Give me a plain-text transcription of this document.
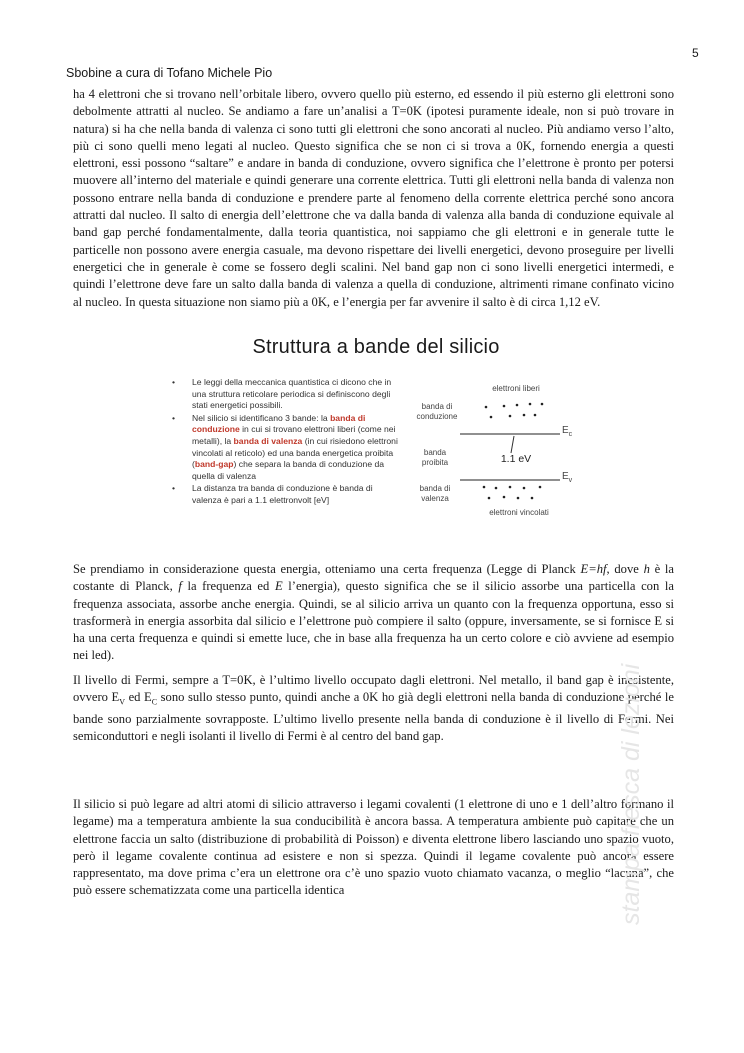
5
Sbobine a cura di Tofano Michele Pio

ha 4 elettroni che si trovano nell’orbitale libero, ovvero quello più esterno, ed essendo il più esterno gli elettroni sono debolmente attratti al nucleo. Se andiamo a fare un’analisi a T=0K (ipotesi puramente ideale, non si può trovare in natura) si ha che nella banda di valenza ci sono tutti gli elettroni che sono ancorati al nucleo. Più andiamo verso l’alto, più ci sono quelli meno legati al nucleo. Questo significa che se non ci si trova a 0K, fornendo energia a questi elettroni, essi possono “saltare” e andare in banda di conduzione, ovvero significa che l’elettrone è pronto per potersi muovere all’interno del materiale e quindi generare una corrente elettrica. Tutti gli elettroni nella banda di valenza non possono entrare nella banda di conduzione e prendere parte al fenomeno della corrente elettrica perché sono ancora attratti dal nucleo. Il salto di energia dell’elettrone che va dalla banda di valenza alla banda di conduzione equivale al band gap perché fondamentalmente, dalla teoria quantistica, noi sappiamo che gli elettroni e in generale tutte le particelle non possono avere energia casuale, ma devono rispettare dei livelli energetici, devono proseguire per livelli energetici che in generale è come se fossero degli scalini. Nel band gap non ci sono livelli energetici intermedi, e quindi l’elettrone deve fare un salto dalla banda di valenza a quella di conduzione, altrimenti rimane confinato vicino al nucleo. In questa situazione non siamo più a 0K, e l’energia per far avvenire il salto è di circa 1,12 eV.

Struttura a bande del silicio
• Le leggi della meccanica quantistica ci dicono che in una struttura reticolare periodica si definiscono degli stati energetici possibili.
• Nel silicio si identificano 3 bande: la banda di conduzione in cui si trovano elettroni liberi (come nei metalli), la banda di valenza (in cui risiedono elettroni vincolati al reticolo) ed una banda energetica proibita (band-gap) che separa la banda di conduzione da quella di valenza
• La distanza tra banda di conduzione è banda di valenza è pari a 1.1 elettronvolt [eV]
elettroni liberi
banda di conduzione
banda proibita
banda di valenza
elettroni vincolati
1.1 eV
$E_c$
$E_v$

Se prendiamo in considerazione questa energia, otteniamo una certa frequenza (Legge di Planck E=hf, dove h è la costante di Planck, f la frequenza ed E l’energia), questo significa che se il silicio assorbe una particella con la frequenza associata, assorbe anche energia. Quindi, se al silicio arriva un quanto con la frequenza opportuna, esso si trasformerà in energia assorbita dal silicio e l’elettrone può compiere il salto (oppure, inversamente, se si fornisce E si ha una certa frequenza e quindi si emette luce, che in base alla frequenza ha un certo colore e ciò avviene ad esempio nei led).

Il livello di Fermi, sempre a T=0K, è l’ultimo livello occupato dagli elettroni. Nel metallo, il band gap è inesistente, ovvero $E_V$ ed $E_C$ sono sullo stesso punto, quindi anche a 0K ho già degli elettroni nella banda di conduzione perché le bande sono parzialmente sovrapposte. L’ultimo livello presente nella banda di conduzione è il livello di Fermi. Nei semiconduttori e negli isolanti il livello di Fermi è al centro del band gap.

Il silicio si può legare ad altri atomi di silicio attraverso i legami covalenti (1 elettrone di uno e 1 dell’altro formano il legame) ma a temperatura ambiente la sua conducibilità è ancora bassa. A temperatura ambiente può capitare che un elettrone faccia un salto (distribuzione di probabilità di Poisson) e diventa elettrone libero lasciando uno spazio vuoto, però il legame covalente continua ad esistere e non si spezza. Quindi il legame covalente può ancora essere rappresentato, ma dove prima c’era un elettrone ora c’è uno spazio vuoto chiamato vacanza, o meglio “lacuna”, che può essere schematizzata come una particella identica	stampa fresca di lezioni
